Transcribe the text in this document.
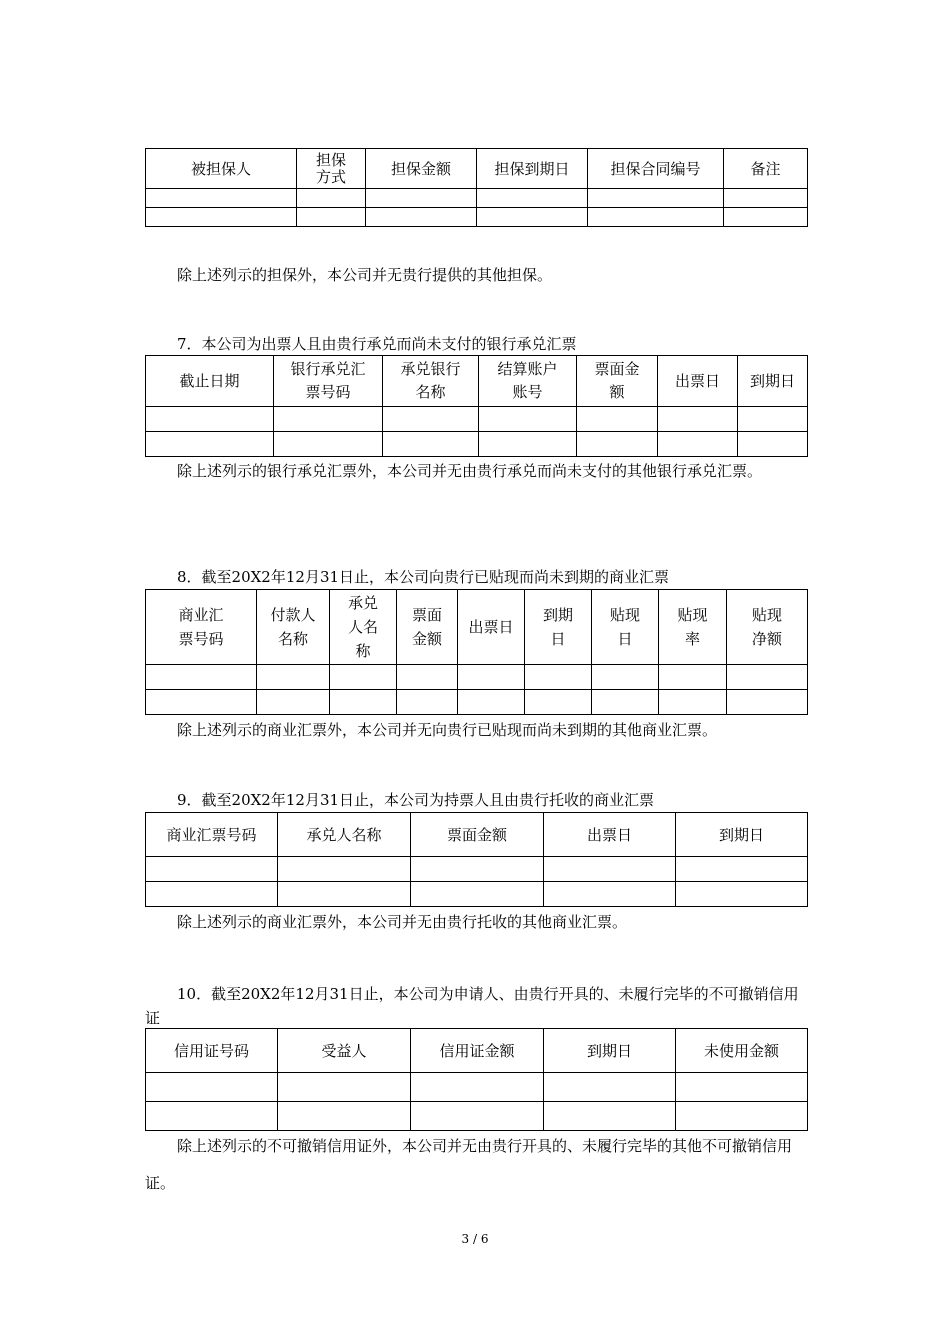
被担保人	担保方式	担保金额	担保到期日	担保合同编号	备注

除上述列示的担保外，本公司并无贵行提供的其他担保。
7．本公司为出票人且由贵行承兑而尚未支付的银行承兑汇票
截止日期	银行承兑汇票号码	承兑银行名称	结算账户账号	票面金额	出票日	到期日

除上述列示的银行承兑汇票外，本公司并无由贵行承兑而尚未支付的其他银行承兑汇票。
8．截至20X2年12月31日止，本公司向贵行已贴现而尚未到期的商业汇票
商业汇票号码	付款人名称	承兑人名称	票面金额	出票日	到期日	贴现日	贴现率	贴现净额

除上述列示的商业汇票外，本公司并无向贵行已贴现而尚未到期的其他商业汇票。
9．截至20X2年12月31日止，本公司为持票人且由贵行托收的商业汇票
商业汇票号码	承兑人名称	票面金额	出票日	到期日

除上述列示的商业汇票外，本公司并无由贵行托收的其他商业汇票。
10．截至20X2年12月31日止，本公司为申请人、由贵行开具的、未履行完毕的不可撤销信用证
信用证号码	受益人	信用证金额	到期日	未使用金额

除上述列示的不可撤销信用证外，本公司并无由贵行开具的、未履行完毕的其他不可撤销信用证。
3 / 6
